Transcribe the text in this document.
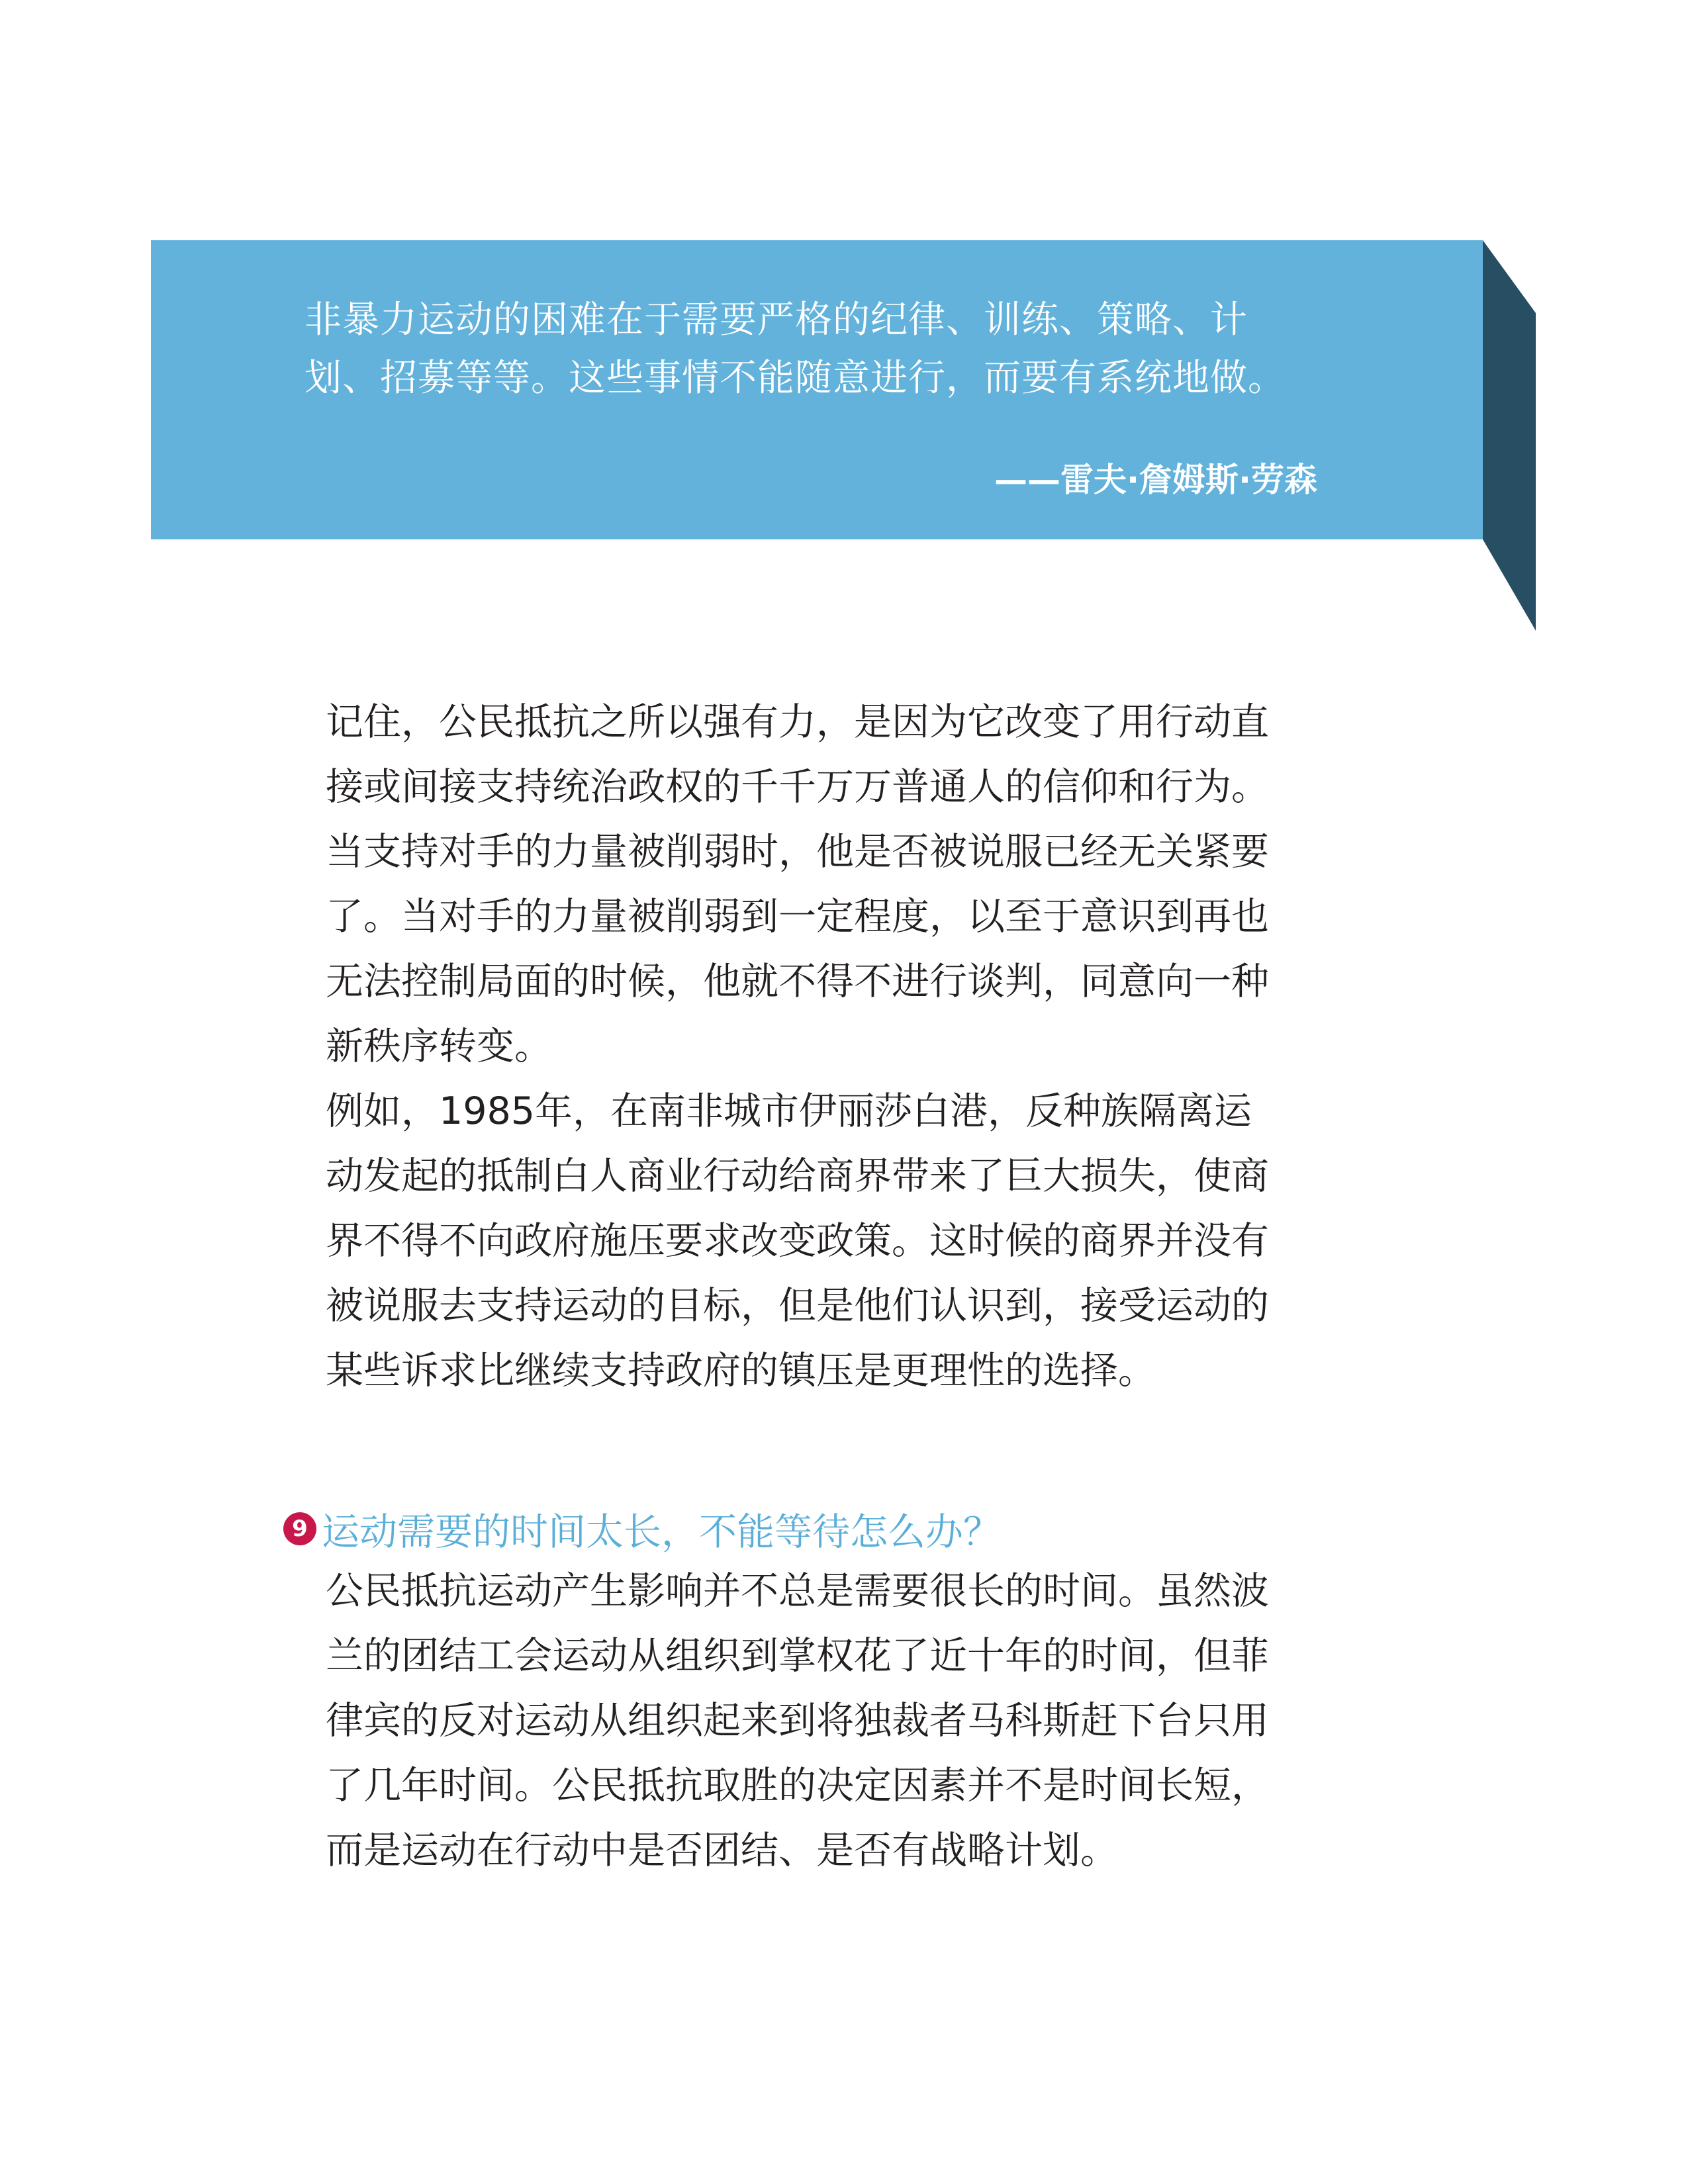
非暴力运动的困难在于需要严格的纪律、训练、策略、计
划、招募等等。这些事情不能随意进行，而要有系统地做。

——雷夫·詹姆斯·劳森

记住，公民抵抗之所以强有力，是因为它改变了用行动直
接或间接支持统治政权的千千万万普通人的信仰和行为。
当支持对手的力量被削弱时，他是否被说服已经无关紧要
了。当对手的力量被削弱到一定程度，以至于意识到再也
无法控制局面的时候，他就不得不进行谈判，同意向一种
新秩序转变。

例如，1985年，在南非城市伊丽莎白港，反种族隔离运
动发起的抵制白人商业行动给商界带来了巨大损失，使商
界不得不向政府施压要求改变政策。这时候的商界并没有
被说服去支持运动的目标，但是他们认识到，接受运动的
某些诉求比继续支持政府的镇压是更理性的选择。

9 运动需要的时间太长，不能等待怎么办？

公民抵抗运动产生影响并不总是需要很长的时间。虽然波
兰的团结工会运动从组织到掌权花了近十年的时间，但菲
律宾的反对运动从组织起来到将独裁者马科斯赶下台只用
了几年时间。公民抵抗取胜的决定因素并不是时间长短，
而是运动在行动中是否团结、是否有战略计划。
